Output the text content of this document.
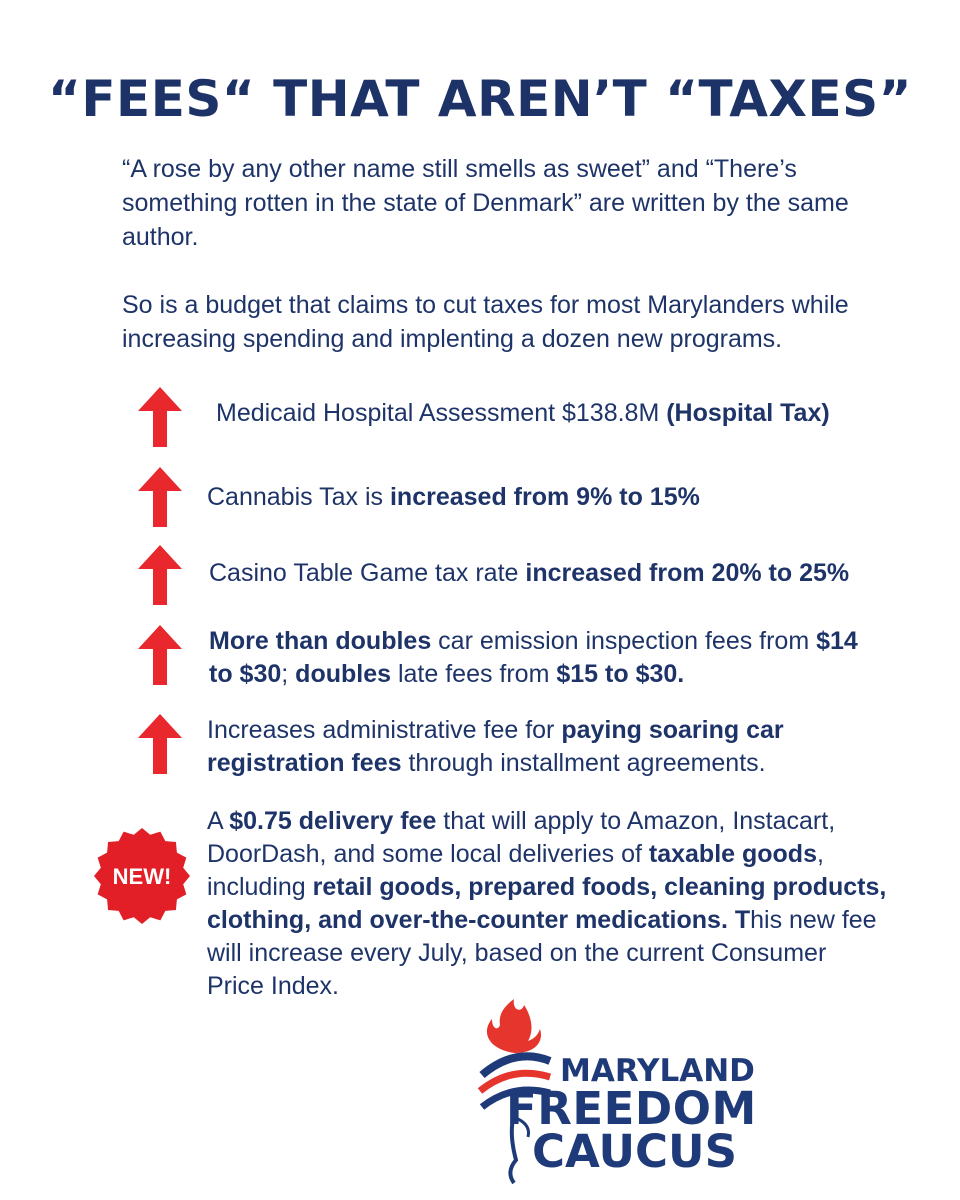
“FEES“ THAT AREN’T “TAXES”

“A rose by any other name still smells as sweet” and “There’s something rotten in the state of Denmark” are written by the same author.

So is a budget that claims to cut taxes for most Marylanders while increasing spending and implenting a dozen new programs.

Medicaid Hospital Assessment $138.8M (Hospital Tax)

Cannabis Tax is increased from 9% to 15%

Casino Table Game tax rate increased from 20% to 25%

More than doubles car emission inspection fees from $14 to $30; doubles late fees from $15 to $30.

Increases administrative fee for paying soaring car registration fees through installment agreements.

NEW!

A $0.75 delivery fee that will apply to Amazon, Instacart, DoorDash, and some local deliveries of taxable goods, including retail goods, prepared foods, cleaning products, clothing, and over-the-counter medications. This new fee will increase every July, based on the current Consumer Price Index.

MARYLAND

FREEDOM

CAUCUS
